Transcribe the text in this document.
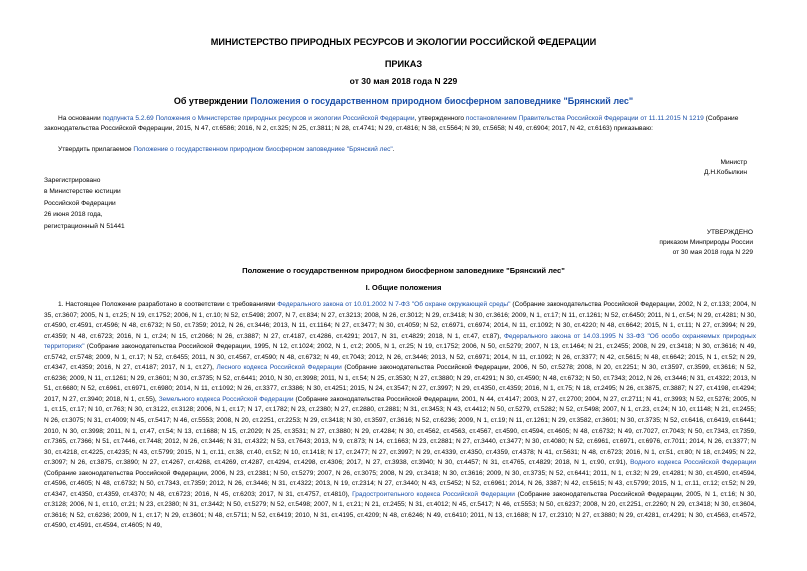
МИНИСТЕРСТВО ПРИРОДНЫХ РЕСУРСОВ И ЭКОЛОГИИ РОССИЙСКОЙ ФЕДЕРАЦИИ
ПРИКАЗ
от 30 мая 2018 года N 229
Об утверждении Положения о государственном природном биосферном заповеднике "Брянский лес"
На основании подпункта 5.2.69 Положения о Министерстве природных ресурсов и экологии Российской Федерации, утвержденного постановлением Правительства Российской Федерации от 11.11.2015 N 1219 (Собрание законодательства Российской Федерации, 2015, N 47, ст.6586; 2016, N 2, ст.325; N 25, ст.3811; N 28, ст.4741; N 29, ст.4816; N 38, ст.5564; N 39, ст.5658; N 49, ст.6904; 2017, N 42, ст.6163) приказываю:
Утвердить прилагаемое Положение о государственном природном биосферном заповеднике "Брянский лес".
Министр
Д.Н.Кобылкин
Зарегистрировано
в Министерстве юстиции
Российской Федерации
26 июня 2018 года,
регистрационный N 51441
УТВЕРЖДЕНО
приказом Минприроды России
от 30 мая 2018 года N 229
Положение о государственном природном биосферном заповеднике "Брянский лес"
I. Общие положения
1. Настоящее Положение разработано в соответствии с требованиями Федерального закона от 10.01.2002 N 7-ФЗ "Об охране окружающей среды" (Собрание законодательства Российской Федерации, 2002, N 2, ст.133; 2004, N 35, ст.3607; 2005, N 1, ст.25; N 19, ст.1752; 2006, N 1, ст.10; N 52, ст.5498; 2007, N 7, ст.834; N 27, ст.3213; 2008, N 26, ст.3012; N 29, ст.3418; N 30, ст.3616; 2009, N 1, ст.17; N 11, ст.1261; N 52, ст.6450; 2011, N 1, ст.54; N 29, ст.4281; N 30, ст.4590, ст.4591, ст.4596; N 48, ст.6732; N 50, ст.7359; 2012, N 26, ст.3446; 2013, N 11, ст.1164; N 27, ст.3477; N 30, ст.4059; N 52, ст.6971, ст.6974; 2014, N 11, ст.1092; N 30, ст.4220; N 48, ст.6642; 2015, N 1, ст.11; N 27, ст.3994; N 29, ст.4359; N 48, ст.6723; 2016, N 1, ст.24; N 15, ст.2066; N 26, ст.3887; N 27, ст.4187, ст.4286, ст.4291; 2017, N 31, ст.4829; 2018, N 1, ст.47, ст.87), Федерального закона от 14.03.1995 N 33-ФЗ "Об особо охраняемых природных территориях" (Собрание законодательства Российской Федерации, 1995, N 12, ст.1024; 2002, N 1, ст.2; 2005, N 1, ст.25; N 19, ст.1752; 2006, N 50, ст.5279; 2007, N 13, ст.1464; N 21, ст.2455; 2008, N 29, ст.3418; N 30, ст.3616; N 49, ст.5742, ст.5748; 2009, N 1, ст.17; N 52, ст.6455; 2011, N 30, ст.4567, ст.4590; N 48, ст.6732; N 49, ст.7043; 2012, N 26, ст.3446; 2013, N 52, ст.6971; 2014, N 11, ст.1092; N 26, ст.3377; N 42, ст.5615; N 48, ст.6642; 2015, N 1, ст.52; N 29, ст.4347, ст.4359; 2016, N 27, ст.4187; 2017, N 1, ст.27), Лесного кодекса Российской Федерации (Собрание законодательства Российской Федерации, 2006, N 50, ст.5278; 2008, N 20, ст.2251; N 30, ст.3597, ст.3599, ст.3616; N 52, ст.6236; 2009, N 11, ст.1261; N 29, ст.3601; N 30, ст.3735; N 52, ст.6441; 2010, N 30, ст.3998; 2011, N 1, ст.54; N 25, ст.3530; N 27, ст.3880; N 29, ст.4291; N 30, ст.4590; N 48, ст.6732; N 50, ст.7343; 2012, N 26, ст.3446; N 31, ст.4322; 2013, N 51, ст.6680; N 52, ст.6961, ст.6971, ст.6980; 2014, N 11, ст.1092; N 26, ст.3377, ст.3386; N 30, ст.4251; 2015, N 24, ст.3547; N 27, ст.3997; N 29, ст.4350, ст.4359; 2016, N 1, ст.75; N 18, ст.2495; N 26, ст.3875, ст.3887; N 27, ст.4198, ст.4294; 2017, N 27, ст.3940; 2018, N 1, ст.55), Земельного кодекса Российской Федерации (Собрание законодательства Российской Федерации, 2001, N 44, ст.4147; 2003, N 27, ст.2700; 2004, N 27, ст.2711; N 41, ст.3993; N 52, ст.5276; 2005, N 1, ст.15, ст.17; N 10, ст.763; N 30, ст.3122, ст.3128; 2006, N 1, ст.17; N 17, ст.1782; N 23, ст.2380; N 27, ст.2880, ст.2881; N 31, ст.3453; N 43, ст.4412; N 50, ст.5279, ст.5282; N 52, ст.5498; 2007, N 1, ст.23, ст.24; N 10, ст.1148; N 21, ст.2455; N 26, ст.3075; N 31, ст.4009; N 45, ст.5417; N 46, ст.5553; 2008, N 20, ст.2251, ст.2253; N 29, ст.3418; N 30, ст.3597, ст.3616; N 52, ст.6236; 2009, N 1, ст.19; N 11, ст.1261; N 29, ст.3582, ст.3601; N 30, ст.3735; N 52, ст.6416, ст.6419, ст.6441; 2010, N 30, ст.3998; 2011, N 1, ст.47, ст.54; N 13, ст.1688; N 15, ст.2029; N 25, ст.3531; N 27, ст.3880; N 29, ст.4284; N 30, ст.4562, ст.4563, ст.4567, ст.4590, ст.4594, ст.4605; N 48, ст.6732; N 49, ст.7027, ст.7043; N 50, ст.7343, ст.7359, ст.7365, ст.7366; N 51, ст.7446, ст.7448; 2012, N 26, ст.3446; N 31, ст.4322; N 53, ст.7643; 2013, N 9, ст.873; N 14, ст.1663; N 23, ст.2881; N 27, ст.3440, ст.3477; N 30, ст.4080; N 52, ст.6961, ст.6971, ст.6976, ст.7011; 2014, N 26, ст.3377; N 30, ст.4218, ст.4225, ст.4235; N 43, ст.5799; 2015, N 1, ст.11, ст.38, ст.40, ст.52; N 10, ст.1418; N 17, ст.2477; N 27, ст.3997; N 29, ст.4339, ст.4350, ст.4359, ст.4378; N 41, ст.5631; N 48, ст.6723; 2016, N 1, ст.51, ст.80; N 18, ст.2495; N 22, ст.3097; N 26, ст.3875, ст.3890; N 27, ст.4267, ст.4268, ст.4269, ст.4287, ст.4294, ст.4298, ст.4306; 2017, N 27, ст.3938, ст.3940; N 30, ст.4457; N 31, ст.4765, ст.4829; 2018, N 1, ст.90, ст.91), Водного кодекса Российской Федерации (Собрание законодательства Российской Федерации, 2006, N 23, ст.2381; N 50, ст.5279; 2007, N 26, ст.3075; 2008, N 29, ст.3418; N 30, ст.3616; 2009, N 30, ст.3735; N 52, ст.6441; 2011, N 1, ст.32; N 29, ст.4281; N 30, ст.4590, ст.4594, ст.4596, ст.4605; N 48, ст.6732; N 50, ст.7343, ст.7359; 2012, N 26, ст.3446; N 31, ст.4322; 2013, N 19, ст.2314; N 27, ст.3440; N 43, ст.5452; N 52, ст.6961; 2014, N 26, 3387; N 42, ст.5615; N 43, ст.5799; 2015, N 1, ст.11, ст.12; ст.52; N 29, ст.4347, ст.4350, ст.4359, ст.4370; N 48, ст.6723; 2016, N 45, ст.6203; 2017, N 31, ст.4757, ст.4810), Градостроительного кодекса Российской Федерации (Собрание законодательства Российской Федерации, 2005, N 1, ст.16; N 30, ст.3128; 2006, N 1, ст.10, ст.21; N 23, ст.2380; N 31, ст.3442; N 50, ст.5279; N 52, ст.5498; 2007, N 1, ст.21; N 21, ст.2455; N 31, ст.4012; N 45, ст.5417; N 46, ст.5553; N 50, ст.6237; 2008, N 20, ст.2251, ст.2260; N 29, ст.3418; N 30, ст.3604, ст.3616; N 52, ст.6236; 2009, N 1, ст.17; N 29, ст.3601; N 48, ст.5711; N 52, ст.6419; 2010, N 31, ст.4195, ст.4209; N 48, ст.6246; N 49, ст.6410; 2011, N 13, ст.1688; N 17, ст.2310; N 27, ст.3880; N 29, ст.4281, ст.4291; N 30, ст.4563, ст.4572, ст.4590, ст.4591, ст.4594, ст.4605; N 49,
